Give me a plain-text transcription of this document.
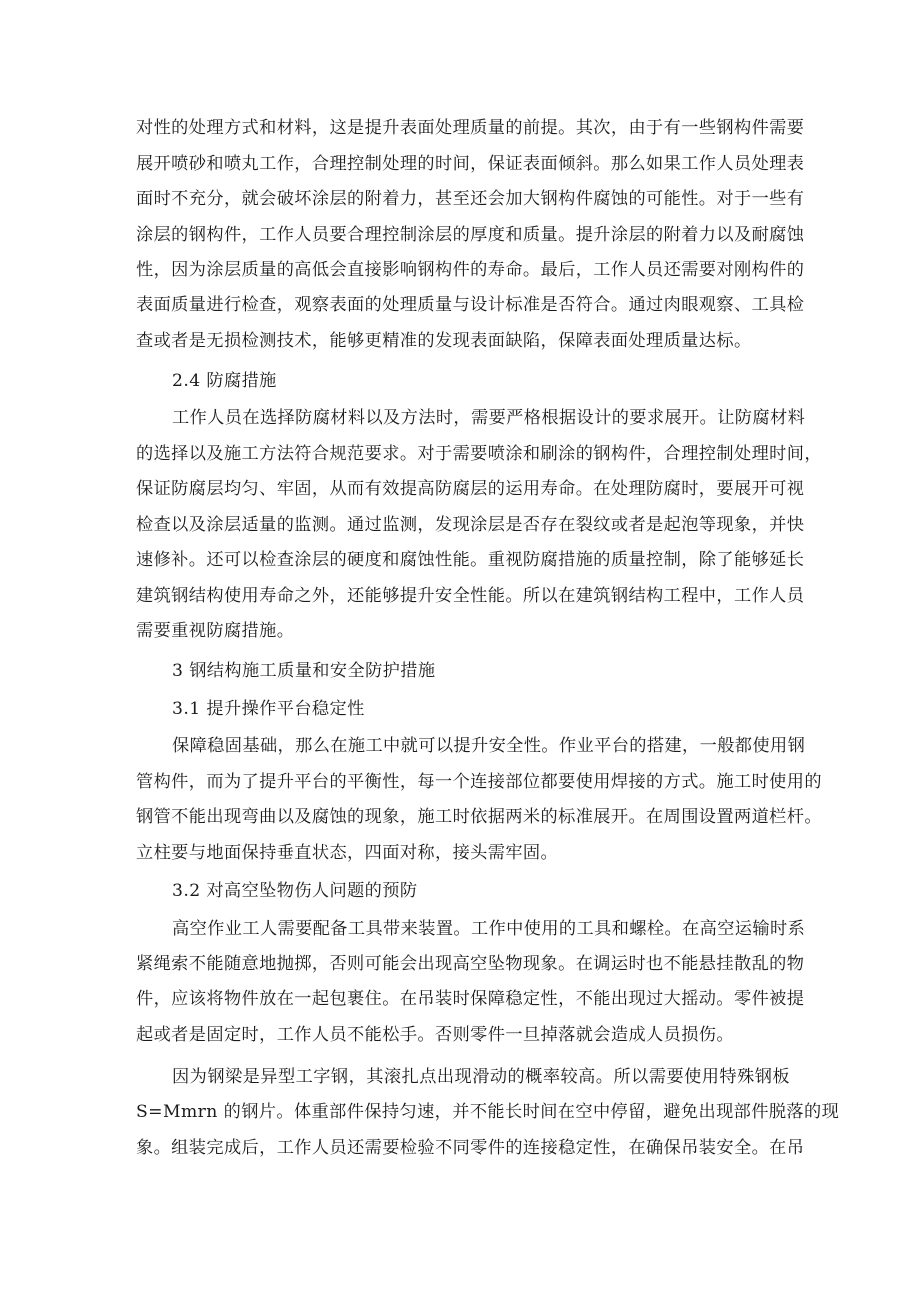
对性的处理方式和材料，这是提升表面处理质量的前提。其次，由于有一些钢构件需要
展开喷砂和喷丸工作，合理控制处理的时间，保证表面倾斜。那么如果工作人员处理表
面时不充分，就会破坏涂层的附着力，甚至还会加大钢构件腐蚀的可能性。对于一些有
涂层的钢构件，工作人员要合理控制涂层的厚度和质量。提升涂层的附着力以及耐腐蚀
性，因为涂层质量的高低会直接影响钢构件的寿命。最后，工作人员还需要对刚构件的
表面质量进行检查，观察表面的处理质量与设计标准是否符合。通过肉眼观察、工具检
查或者是无损检测技术，能够更精准的发现表面缺陷，保障表面处理质量达标。
2.4 防腐措施
工作人员在选择防腐材料以及方法时，需要严格根据设计的要求展开。让防腐材料
的选择以及施工方法符合规范要求。对于需要喷涂和刷涂的钢构件，合理控制处理时间，
保证防腐层均匀、牢固，从而有效提高防腐层的运用寿命。在处理防腐时，要展开可视
检查以及涂层适量的监测。通过监测，发现涂层是否存在裂纹或者是起泡等现象，并快
速修补。还可以检查涂层的硬度和腐蚀性能。重视防腐措施的质量控制，除了能够延长
建筑钢结构使用寿命之外，还能够提升安全性能。所以在建筑钢结构工程中，工作人员
需要重视防腐措施。
3 钢结构施工质量和安全防护措施
3.1 提升操作平台稳定性
保障稳固基础，那么在施工中就可以提升安全性。作业平台的搭建，一般都使用钢
管构件，而为了提升平台的平衡性，每一个连接部位都要使用焊接的方式。施工时使用的
钢管不能出现弯曲以及腐蚀的现象，施工时依据两米的标准展开。在周围设置两道栏杆。
立柱要与地面保持垂直状态，四面对称，接头需牢固。
3.2 对高空坠物伤人问题的预防
高空作业工人需要配备工具带来装置。工作中使用的工具和螺栓。在高空运输时系
紧绳索不能随意地抛掷，否则可能会出现高空坠物现象。在调运时也不能悬挂散乱的物
件，应该将物件放在一起包裹住。在吊装时保障稳定性，不能出现过大摇动。零件被提
起或者是固定时，工作人员不能松手。否则零件一旦掉落就会造成人员损伤。
因为钢梁是异型工字钢，其滚扎点出现滑动的概率较高。所以需要使用特殊钢板
S=Mmrn 的钢片。体重部件保持匀速，并不能长时间在空中停留，避免出现部件脱落的现
象。组装完成后，工作人员还需要检验不同零件的连接稳定性，在确保吊装安全。在吊
